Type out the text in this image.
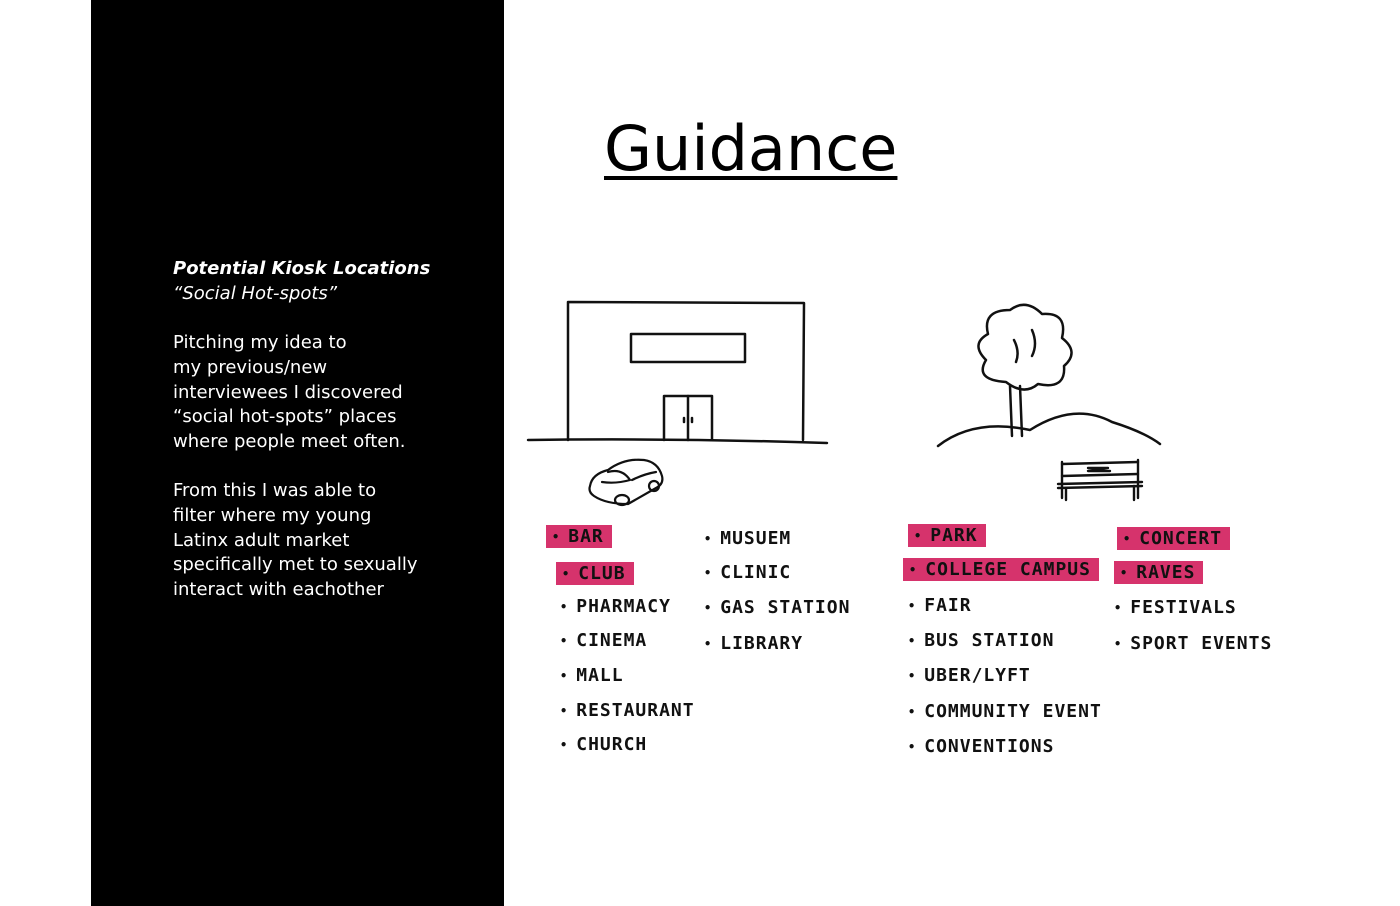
Potential Kiosk Locations
“Social Hot-spots”

Pitching my idea to
my previous/new
interviewees I discovered
“social hot-spots” places
where people meet often.

From this I was able to
filter where my young
Latinx adult market
specifically met to sexually
interact with eachother

Guidance
• BAR
• CLUB
• PHARMACY
• CINEMA
• MALL
• RESTAURANT
• CHURCH
• MUSUEM
• CLINIC
• GAS STATION
• LIBRARY
• PARK
• COLLEGE CAMPUS
• FAIR
• BUS STATION
• UBER/LYFT
• COMMUNITY EVENT
• CONVENTIONS
• CONCERT
• RAVES
• FESTIVALS
• SPORT EVENTS
